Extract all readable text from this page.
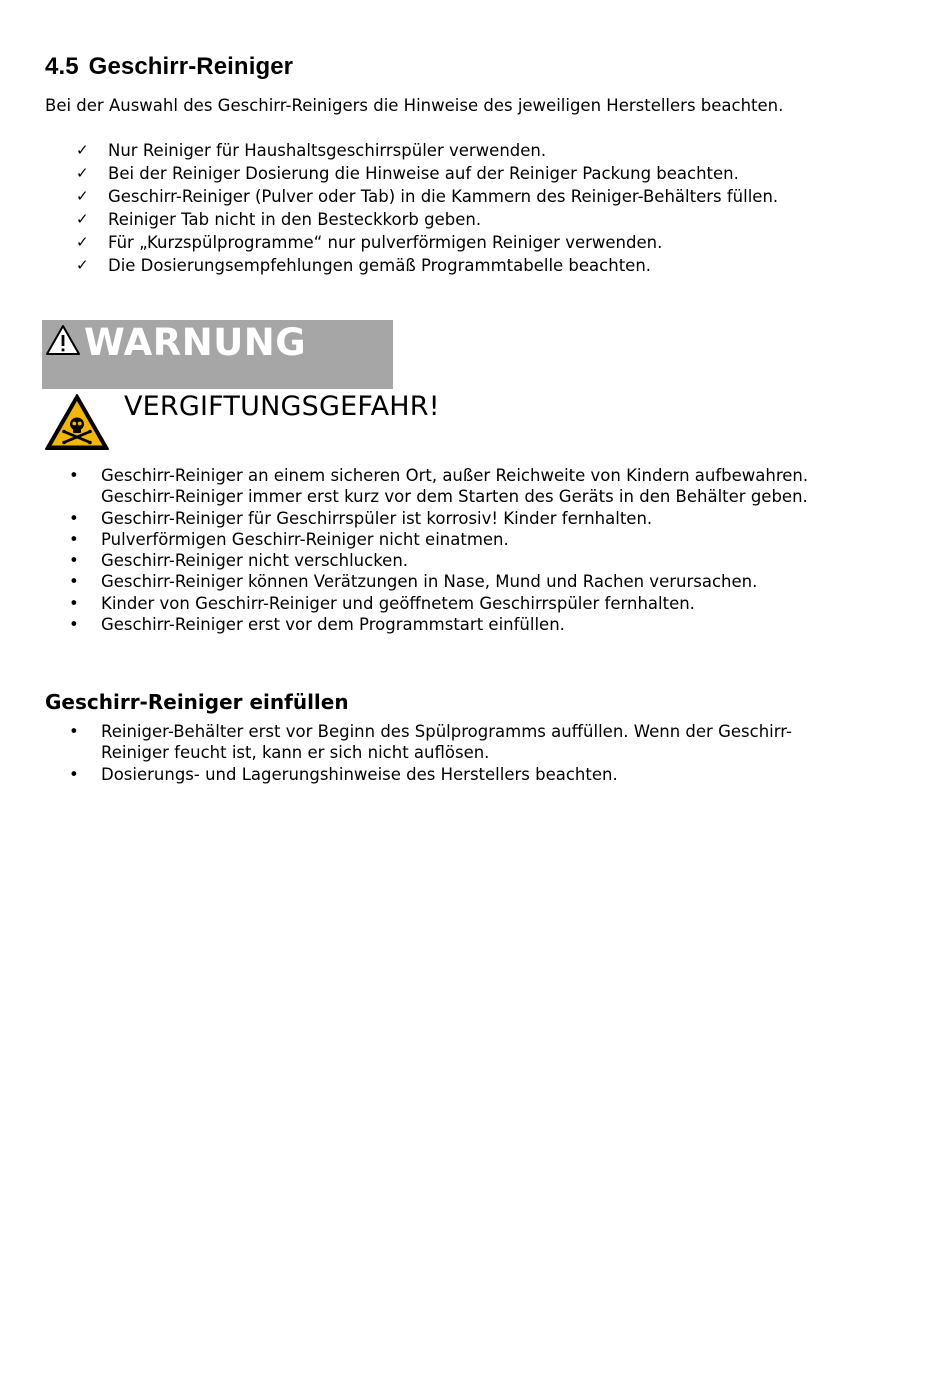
4.5 Geschirr-Reiniger
Bei der Auswahl des Geschirr-Reinigers die Hinweise des jeweiligen Herstellers beachten.
✓ Nur Reiniger für Haushaltsgeschirrspüler verwenden.
✓ Bei der Reiniger Dosierung die Hinweise auf der Reiniger Packung beachten.
✓ Geschirr-Reiniger (Pulver oder Tab) in die Kammern des Reiniger-Behälters füllen.
✓ Reiniger Tab nicht in den Besteckkorb geben.
✓ Für „Kurzspülprogramme“ nur pulverförmigen Reiniger verwenden.
✓ Die Dosierungsempfehlungen gemäß Programmtabelle beachten.
WARNUNG
VERGIFTUNGSGEFAHR!
• Geschirr-Reiniger an einem sicheren Ort, außer Reichweite von Kindern aufbewahren. Geschirr-Reiniger immer erst kurz vor dem Starten des Geräts in den Behälter geben.
• Geschirr-Reiniger für Geschirrspüler ist korrosiv! Kinder fernhalten.
• Pulverförmigen Geschirr-Reiniger nicht einatmen.
• Geschirr-Reiniger nicht verschlucken.
• Geschirr-Reiniger können Verätzungen in Nase, Mund und Rachen verursachen.
• Kinder von Geschirr-Reiniger und geöffnetem Geschirrspüler fernhalten.
• Geschirr-Reiniger erst vor dem Programmstart einfüllen.
Geschirr-Reiniger einfüllen
• Reiniger-Behälter erst vor Beginn des Spülprogramms auffüllen. Wenn der Geschirr-Reiniger feucht ist, kann er sich nicht auflösen.
• Dosierungs- und Lagerungshinweise des Herstellers beachten.
